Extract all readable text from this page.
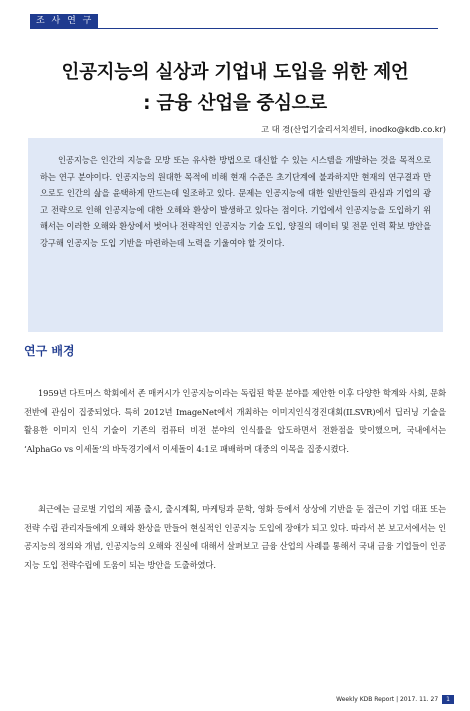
조 사 연 구
인공지능의 실상과 기업내 도입을 위한 제언
: 금융 산업을 중심으로
고 대 경(산업기술리서치센터, inodko@kdb.co.kr)

인공지능은 인간의 지능을 모방 또는 유사한 방법으로 대신할 수 있는 시스템을 개발하는 것을 목적으로 하는 연구 분야이다. 인공지능의 원대한 목적에 비해 현재 수준은 초기단계에 불과하지만 현재의 연구결과 만으로도 인간의 삶을 윤택하게 만드는데 일조하고 있다. 문제는 인공지능에 대한 일반인들의 관심과 기업의 광고 전략으로 인해 인공지능에 대한 오해와 환상이 발생하고 있다는 점이다. 기업에서 인공지능을 도입하기 위해서는 이러한 오해와 환상에서 벗어나 전략적인 인공지능 기술 도입, 양질의 데이터 및 전문 인력 확보 방안을 강구해 인공지능 도입 기반을 마련하는데 노력을 기울여야 할 것이다.

연구 배경

1959년 다트머스 학회에서 존 매커시가 인공지능이라는 독립된 학문 분야를 제안한 이후 다양한 학계와 사회, 문화 전반에 관심이 집중되었다. 특히 2012년 ImageNet에서 개최하는 이미지인식경진대회(ILSVR)에서 딥러닝 기술을 활용한 이미지 인식 기술이 기존의 컴퓨터 비전 분야의 인식률을 압도하면서 전환점을 맞이했으며, 국내에서는 ‘AlphaGo vs 이세돌’의 바둑경기에서 이세돌이 4:1로 패배하며 대중의 이목을 집중시켰다.

최근에는 글로벌 기업의 제품 출시, 출시계획, 마케팅과 문학, 영화 등에서 상상에 기반을 둔 접근이 기업 대표 또는 전략 수립 관리자들에게 오해와 환상을 만들어 현실적인 인공지능 도입에 장애가 되고 있다. 따라서 본 보고서에서는 인공지능의 정의와 개념, 인공지능의 오해와 진실에 대해서 살펴보고 금융 산업의 사례를 통해서 국내 금융 기업들이 인공지능 도입 전략수립에 도움이 되는 방안을 도출하였다.

Weekly KDB Report | 2017. 11. 27 1
